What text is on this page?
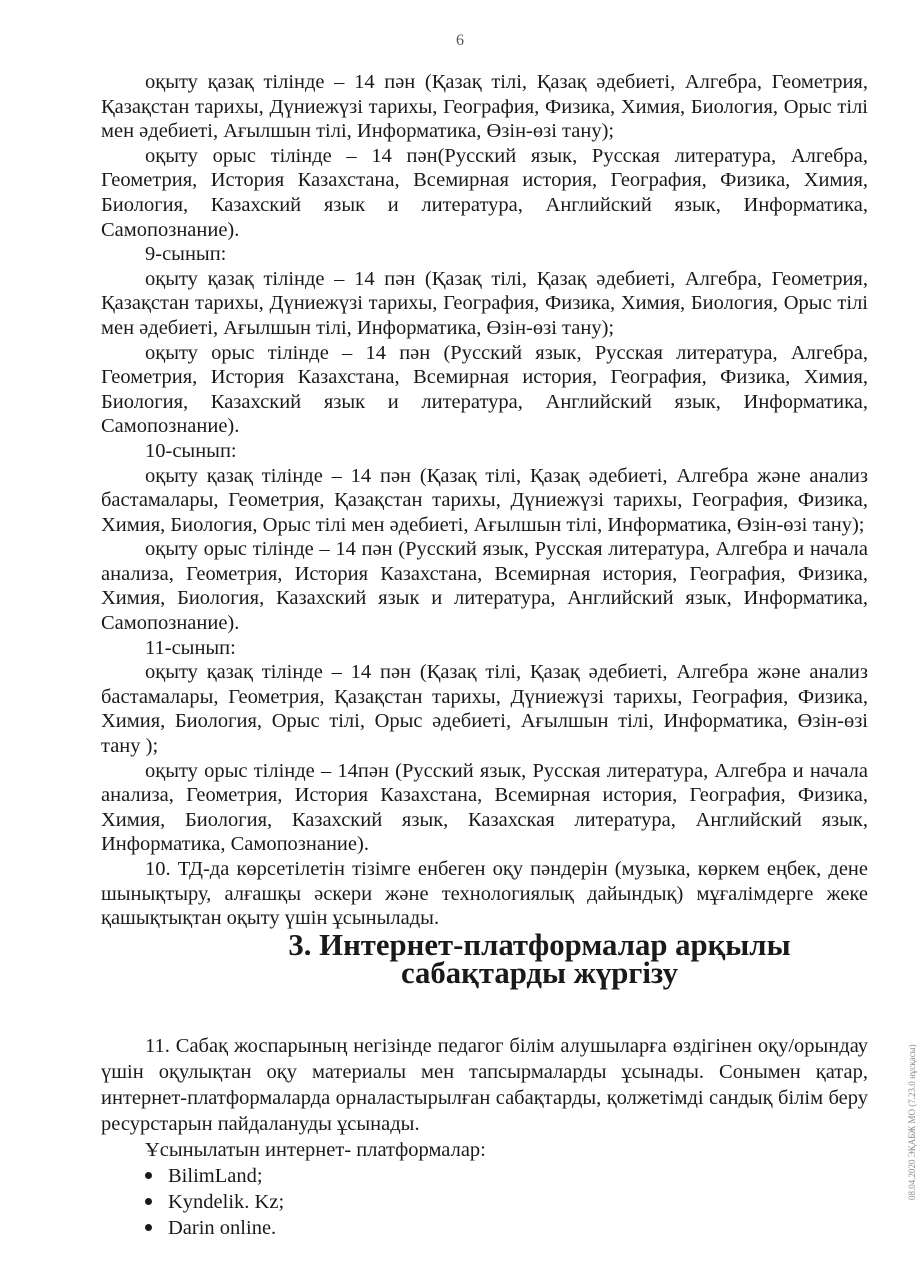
6

оқыту қазақ тілінде – 14 пән (Қазақ тілі, Қазақ әдебиеті, Алгебра, Геометрия, Қазақстан тарихы, Дүниежүзі тарихы, География, Физика, Химия, Биология, Орыс тілі мен әдебиеті, Ағылшын тілі, Информатика, Өзін-өзі тану);

оқыту орыс тілінде – 14 пән(Русский язык, Русская литература, Алгебра, Геометрия, История Казахстана, Всемирная история, География, Физика, Химия, Биология, Казахский язык и литература, Английский язык, Информатика, Самопознание).

9-сынып:

оқыту қазақ тілінде – 14 пән (Қазақ тілі, Қазақ әдебиеті, Алгебра, Геометрия, Қазақстан тарихы, Дүниежүзі тарихы, География, Физика, Химия, Биология, Орыс тілі мен әдебиеті, Ағылшын тілі, Информатика, Өзін-өзі тану);

оқыту орыс тілінде – 14 пән (Русский язык, Русская литература, Алгебра, Геометрия, История Казахстана, Всемирная история, География, Физика, Химия, Биология, Казахский язык и литература, Английский язык, Информатика, Самопознание).

10-сынып:

оқыту қазақ тілінде – 14 пән (Қазақ тілі, Қазақ әдебиеті, Алгебра және анализ бастамалары, Геометрия, Қазақстан тарихы, Дүниежүзі тарихы, География, Физика, Химия, Биология, Орыс тілі мен әдебиеті, Ағылшын тілі, Информатика, Өзін-өзі тану);

оқыту орыс тілінде – 14 пән (Русский язык, Русская литература, Алгебра и начала анализа, Геометрия, История Казахстана, Всемирная история, География, Физика, Химия, Биология, Казахский язык и литература, Английский язык, Информатика, Самопознание).

11-сынып:

оқыту қазақ тілінде – 14 пән (Қазақ тілі, Қазақ әдебиеті, Алгебра және анализ бастамалары, Геометрия, Қазақстан тарихы, Дүниежүзі тарихы, География, Физика, Химия, Биология, Орыс тілі, Орыс әдебиеті, Ағылшын тілі, Информатика, Өзін-өзі тану );

оқыту орыс тілінде – 14пән (Русский язык, Русская литература, Алгебра и начала анализа, Геометрия, История Казахстана, Всемирная история, География, Физика, Химия, Биология, Казахский язык, Казахская литература, Английский язык, Информатика, Самопознание).

10. ТД-да көрсетілетін тізімге енбеген оқу пәндерін (музыка, көркем еңбек, дене шынықтыру, алғашқы әскери және технологиялық дайындық) мұғалімдерге жеке қашықтықтан оқыту үшін ұсынылады.

3. Интернет-платформалар арқылы сабақтарды жүргізу

11. Сабақ жоспарының негізінде педагог білім алушыларға өздігінен оқу/орындау үшін оқулықтан оқу материалы мен тапсырмаларды ұсынады. Сонымен қатар, интернет-платформаларда орналастырылған сабақтарды, қолжетімді сандық білім беру ресурстарын пайдалануды ұсынады.

Ұсынылатын интернет- платформалар:

BilimLand;
Kyndelik. Kz;
Darin online.
08.04.2020 ЭҚАБЖ МО (7.23.0 нұсқасы)
